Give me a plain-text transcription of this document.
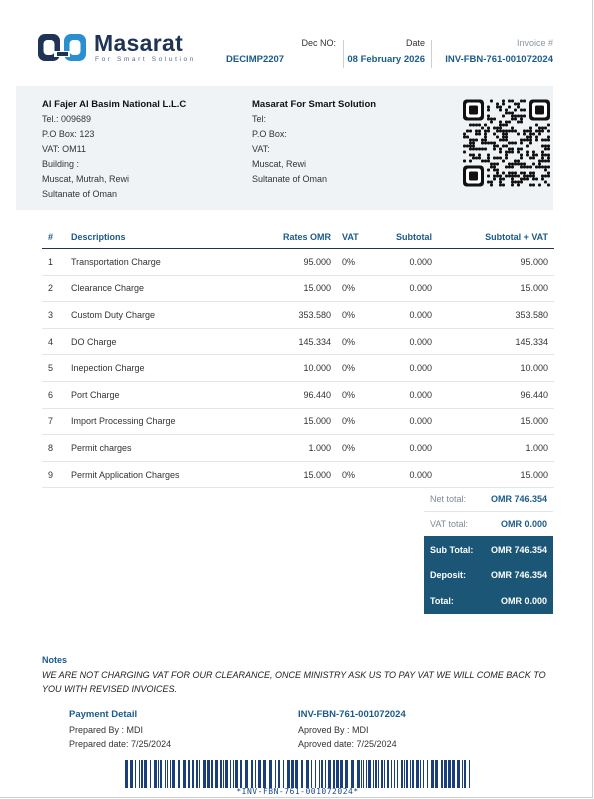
Masarat
For Smart Solution
Dec NO:
DECIMP2207
Date
08 February 2026
Invoice #
INV-FBN-761-001072024
Al Fajer Al Basim National L.L.C
Tel.: 009689
P.O Box: 123
VAT: OM11
Building :
Muscat, Mutrah, Rewi
Sultanate of Oman
Masarat For Smart Solution
Tel:
P.O Box:
VAT:
Muscat, Rewi
Sultanate of Oman
#	Descriptions	Rates OMR	VAT	Subtotal	Subtotal + VAT
1	Transportation Charge	95.000	0%	0.000	95.000
2	Clearance Charge	15.000	0%	0.000	15.000
3	Custom Duty Charge	353.580	0%	0.000	353.580
4	DO Charge	145.334	0%	0.000	145.334
5	Inepection Charge	10.000	0%	0.000	10.000
6	Port Charge	96.440	0%	0.000	96.440
7	Import Processing Charge	15.000	0%	0.000	15.000
8	Permit charges	1.000	0%	0.000	1.000
9	Permit Application Charges	15.000	0%	0.000	15.000
Net total:	OMR 746.354
VAT total:	OMR 0.000
Sub Total: OMR 746.354
Deposit:	OMR 746.354
Total:	OMR 0.000
Notes
WE ARE NOT CHARGING VAT FOR OUR CLEARANCE, ONCE MINISTRY ASK US TO PAY VAT WE WILL COME BACK TO YOU WITH REVISED INVOICES.
Payment Detail
Prepared By : MDI
Prepared date: 7/25/2024
INV-FBN-761-001072024
Aproved By : MDI
Aproved date: 7/25/2024
*INV-FBN-761-001072024*
